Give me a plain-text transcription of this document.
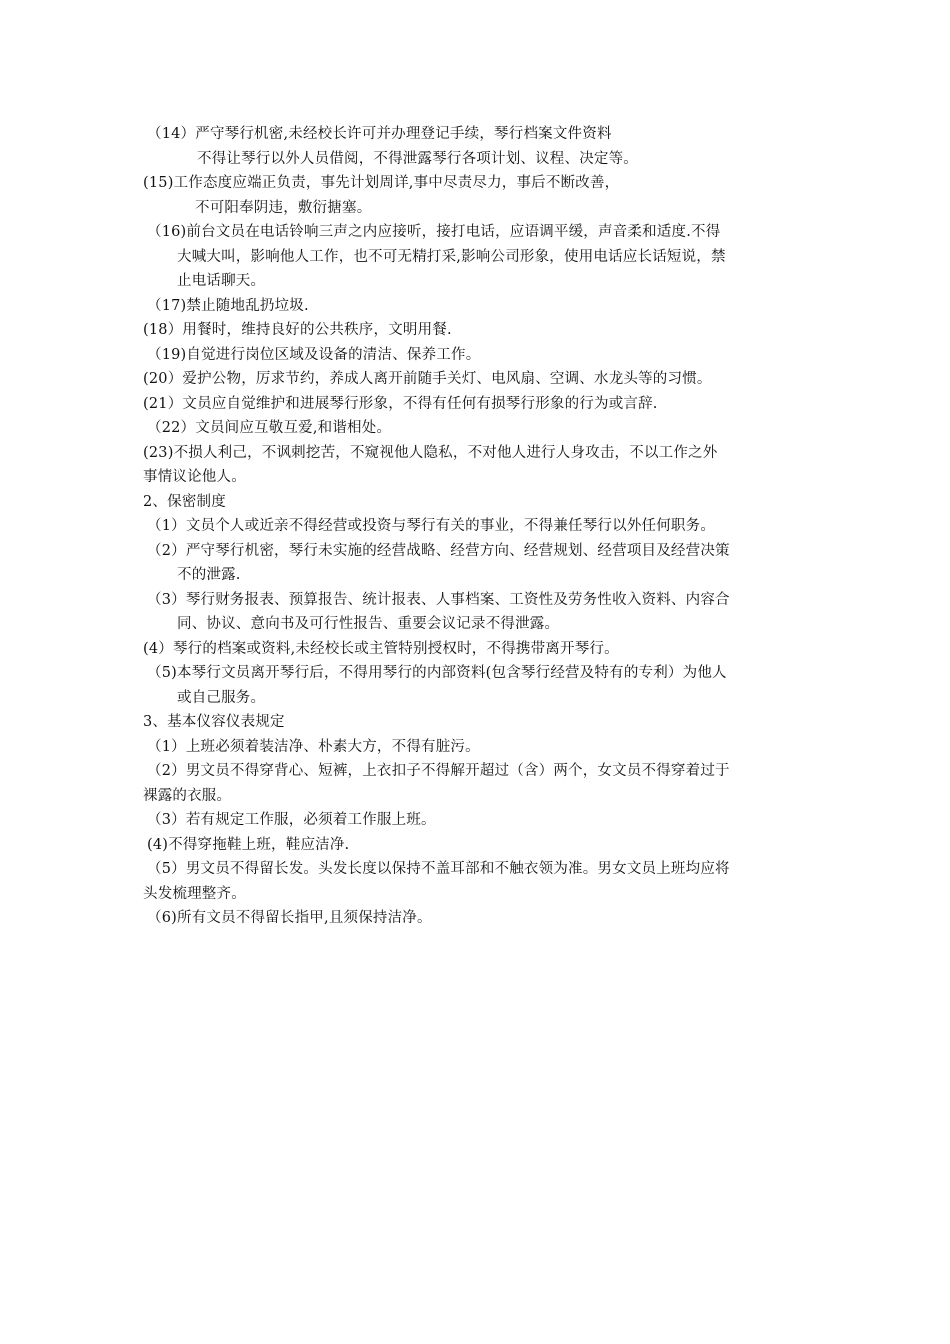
（14）严守琴行机密,未经校长许可并办理登记手续，琴行档案文件资料
不得让琴行以外人员借阅，不得泄露琴行各项计划、议程、决定等。
(15)工作态度应端正负责，事先计划周详,事中尽责尽力，事后不断改善，
不可阳奉阴违，敷衍搪塞。
（16)前台文员在电话铃响三声之内应接听，接打电话，应语调平缓，声音柔和适度.不得
大喊大叫，影响他人工作，也不可无精打采,影响公司形象，使用电话应长话短说，禁
止电话聊天。
（17)禁止随地乱扔垃圾.
(18）用餐时，维持良好的公共秩序，文明用餐.
（19)自觉进行岗位区域及设备的清洁、保养工作。
(20）爱护公物，厉求节约，养成人离开前随手关灯、电风扇、空调、水龙头等的习惯。
(21）文员应自觉维护和进展琴行形象，不得有任何有损琴行形象的行为或言辞.
（22）文员间应互敬互爱,和谐相处。
(23)不损人利己，不讽刺挖苦，不窥视他人隐私，不对他人进行人身攻击，不以工作之外
事情议论他人。
2、保密制度
（1）文员个人或近亲不得经营或投资与琴行有关的事业，不得兼任琴行以外任何职务。
（2）严守琴行机密，琴行未实施的经营战略、经营方向、经营规划、经营项目及经营决策
不的泄露.
（3）琴行财务报表、预算报告、统计报表、人事档案、工资性及劳务性收入资料、内容合
同、协议、意向书及可行性报告、重要会议记录不得泄露。
(4）琴行的档案或资料,未经校长或主管特别授权时，不得携带离开琴行。
（5)本琴行文员离开琴行后，不得用琴行的内部资料(包含琴行经营及特有的专利）为他人
或自己服务。
3、基本仪容仪表规定
（1）上班必须着装洁净、朴素大方，不得有脏污。
（2）男文员不得穿背心、短裤，上衣扣子不得解开超过（含）两个，女文员不得穿着过于
裸露的衣服。
（3）若有规定工作服，必须着工作服上班。
(4)不得穿拖鞋上班，鞋应洁净.
（5）男文员不得留长发。头发长度以保持不盖耳部和不触衣领为准。男女文员上班均应将
头发梳理整齐。
（6)所有文员不得留长指甲,且须保持洁净。
